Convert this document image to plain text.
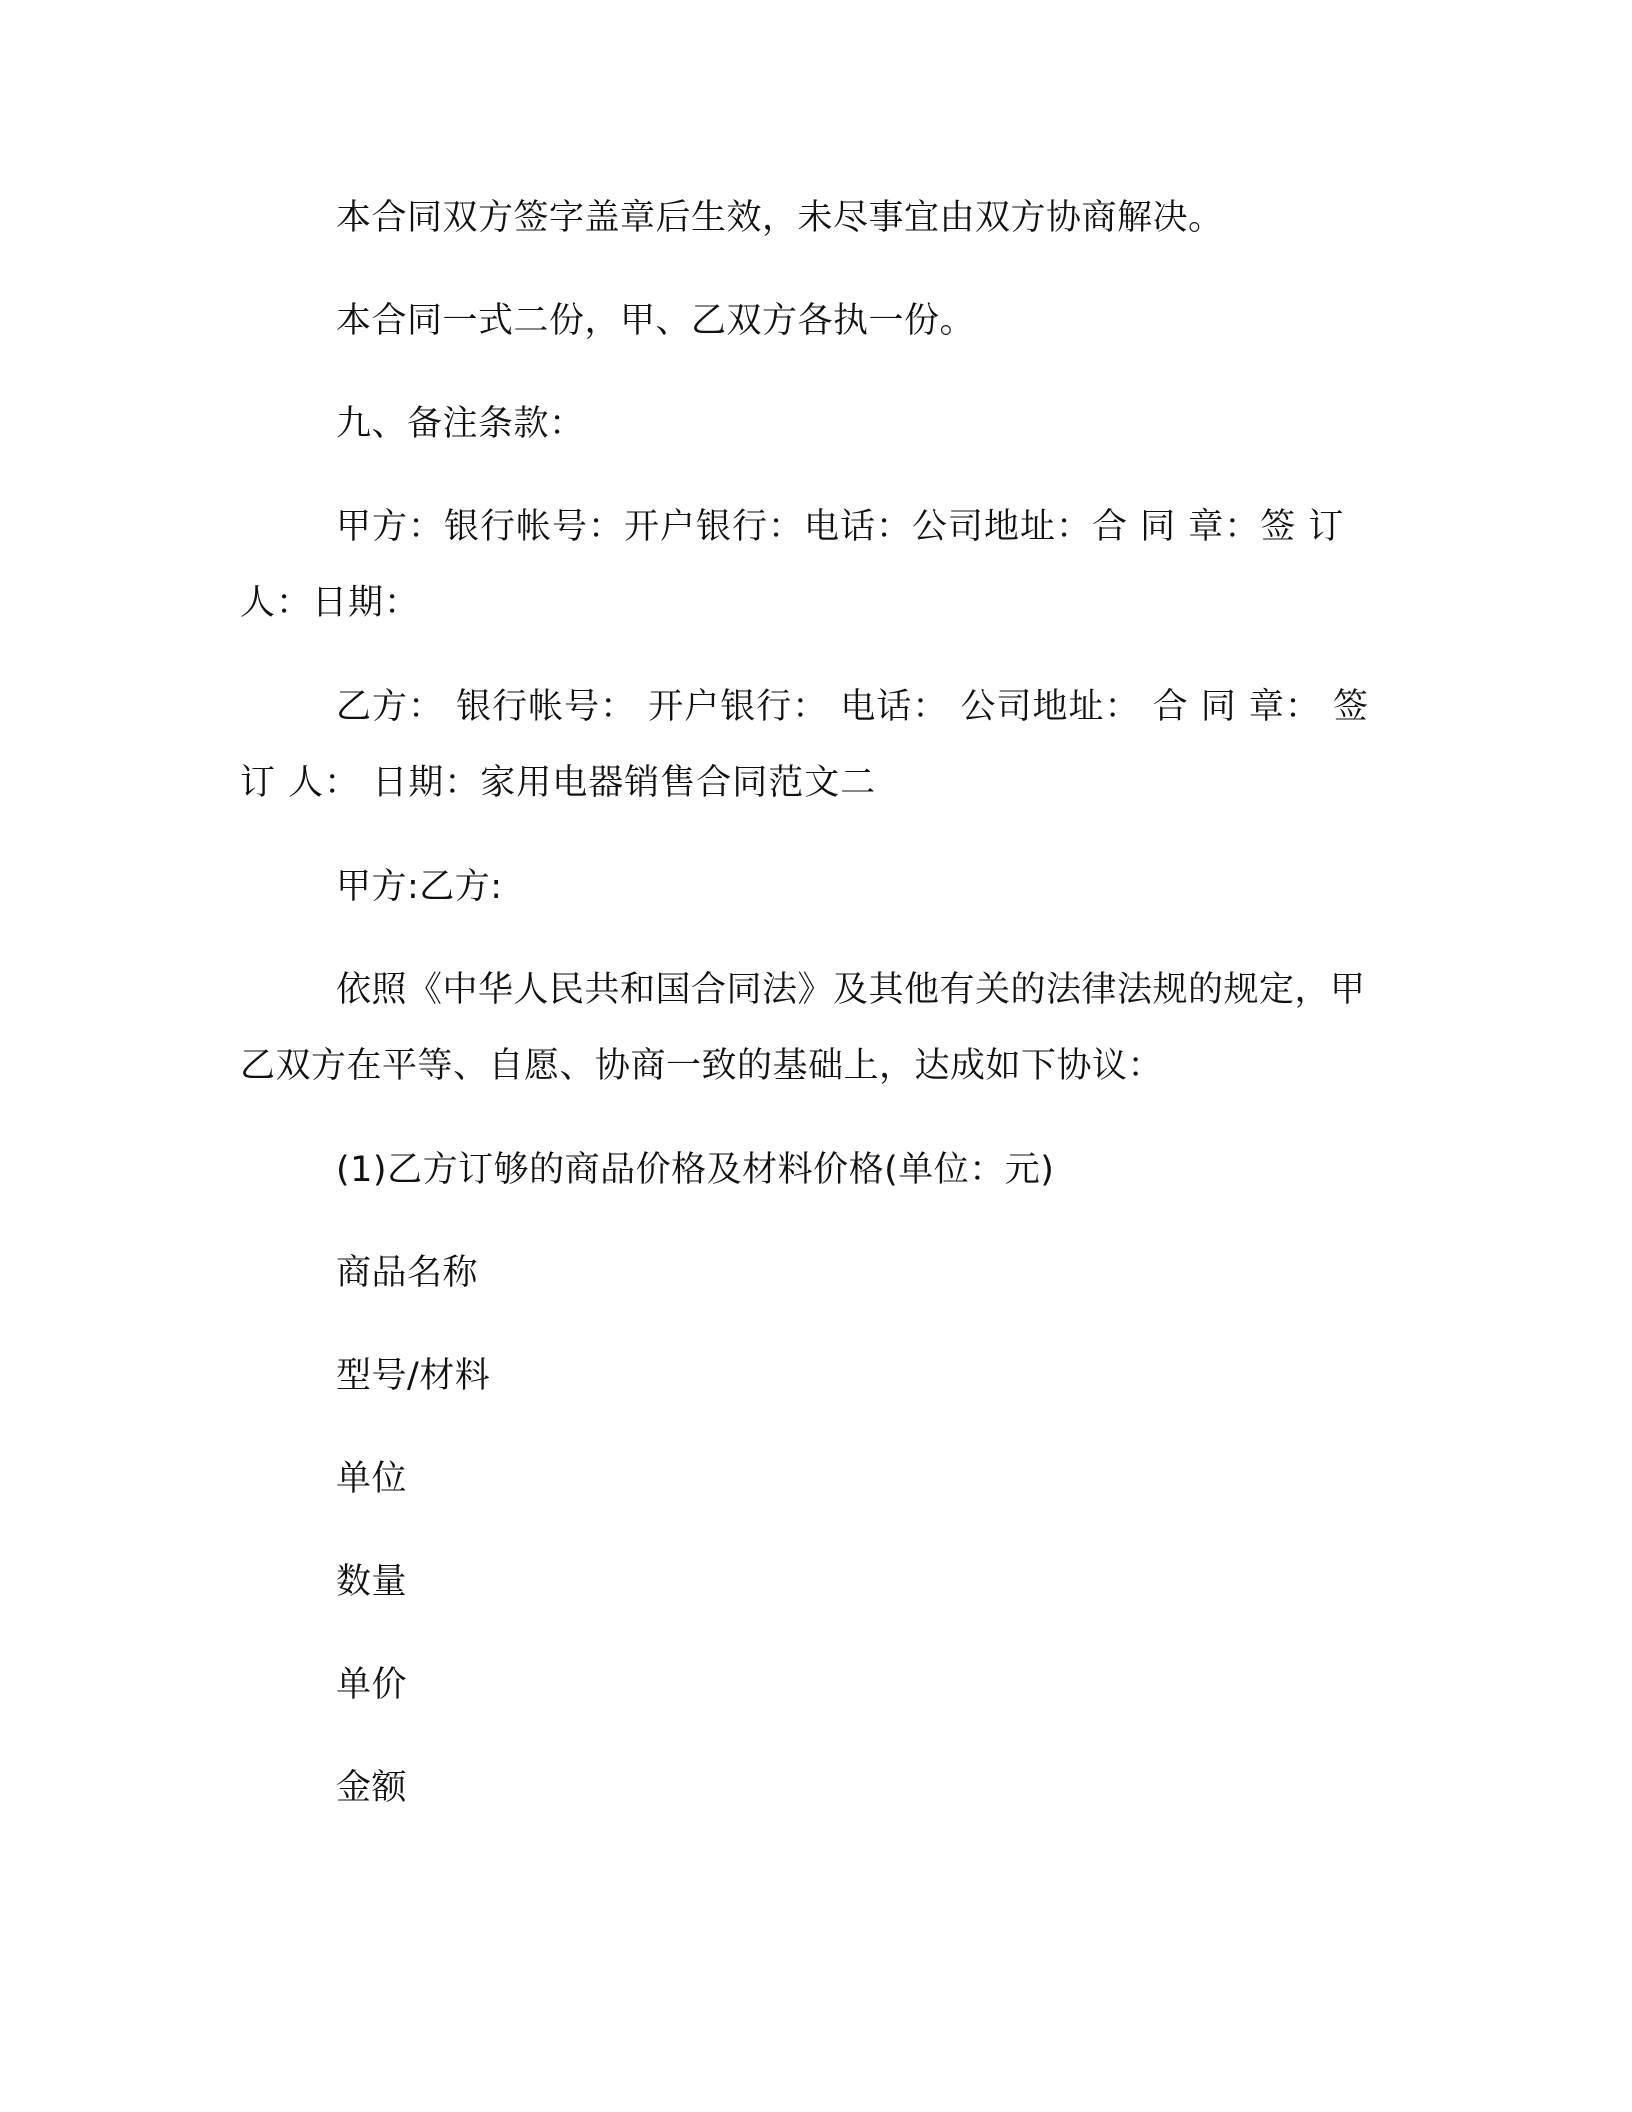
本合同双方签字盖章后生效，未尽事宜由双方协商解决。

本合同一式二份，甲、乙双方各执一份。

九、备注条款：

甲方：银行帐号：开户银行：电话：公司地址：合 同 章：签 订人：日期：

乙方： 银行帐号： 开户银行： 电话： 公司地址： 合 同 章： 签订 人： 日期：家用电器销售合同范文二

甲方:乙方:

依照《中华人民共和国合同法》及其他有关的法律法规的规定，甲乙双方在平等、自愿、协商一致的基础上，达成如下协议：

(1)乙方订够的商品价格及材料价格(单位：元)

商品名称

型号/材料

单位

数量

单价

金额
